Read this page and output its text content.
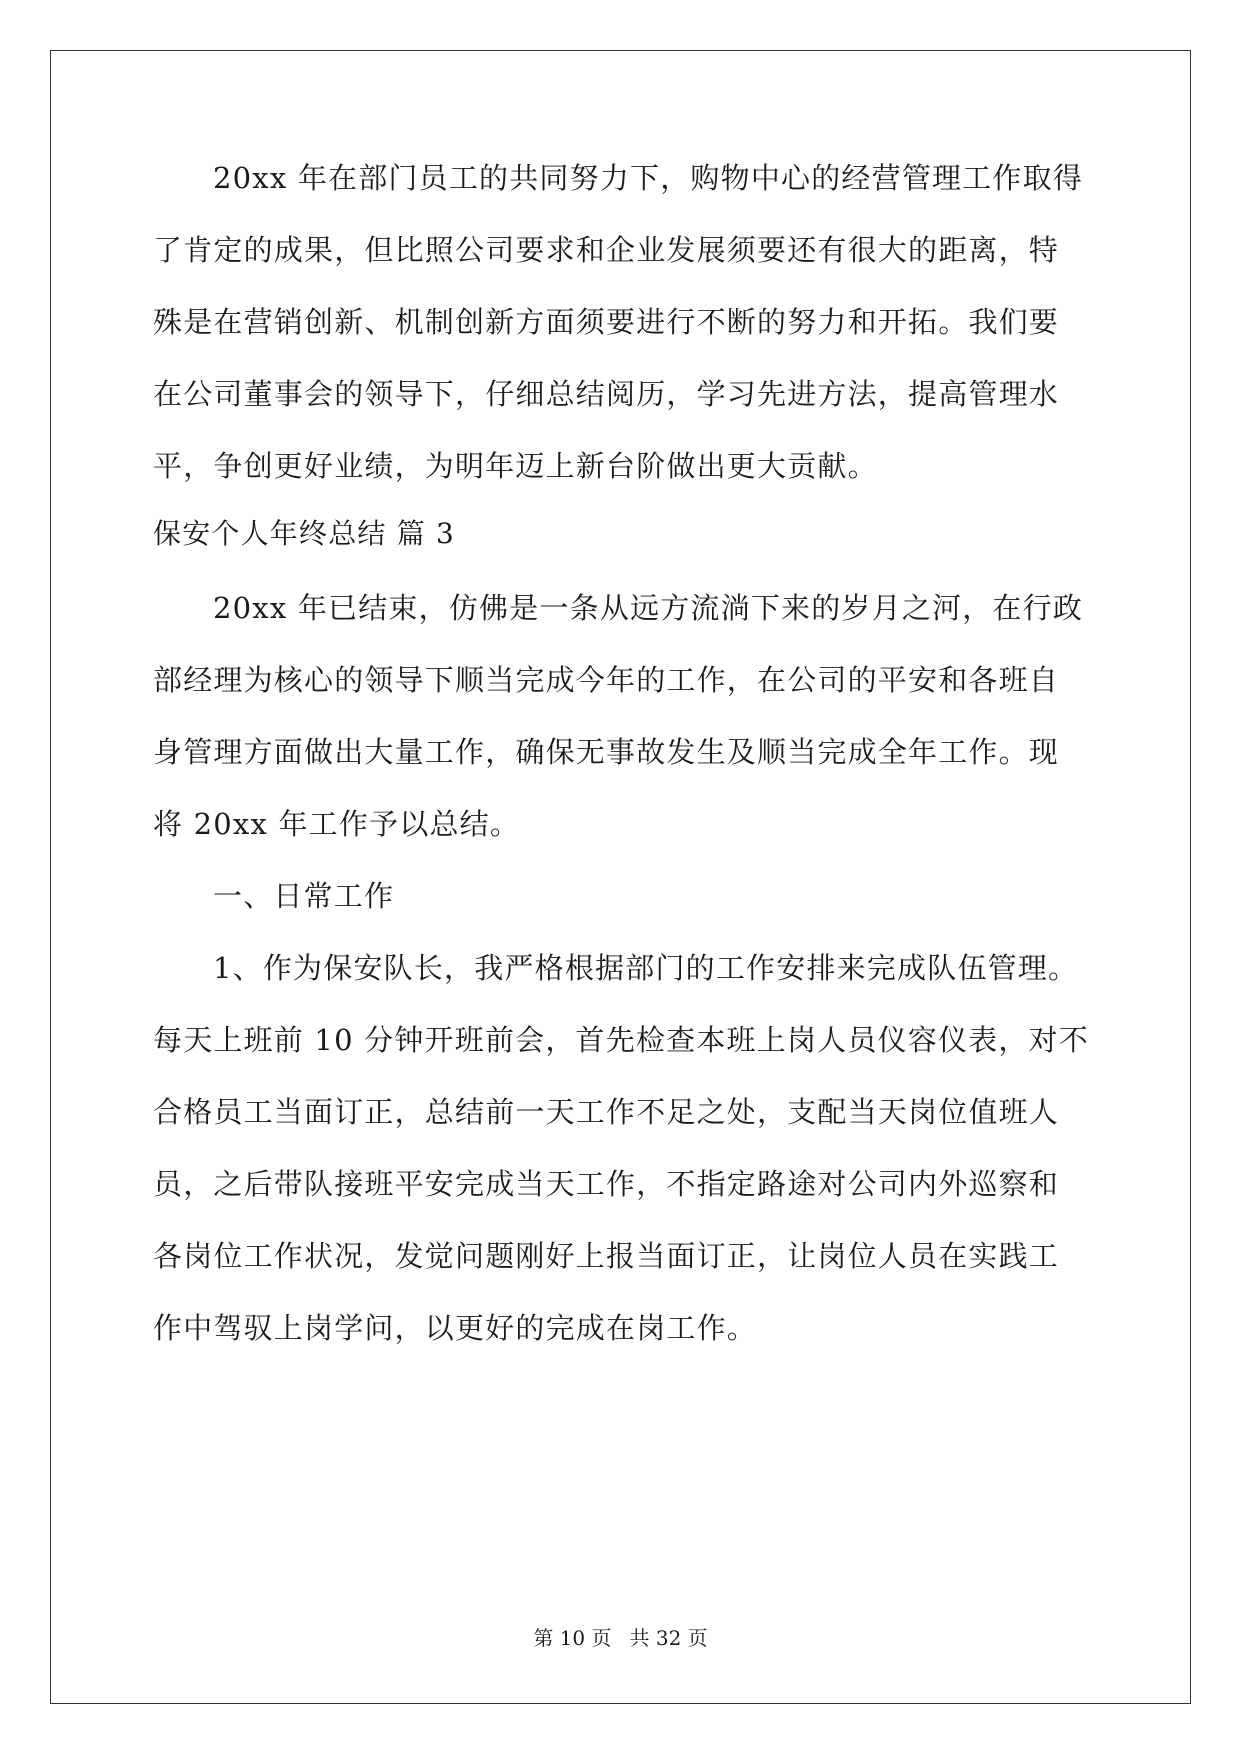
20xx 年在部门员工的共同努力下，购物中心的经营管理工作取得
了肯定的成果，但比照公司要求和企业发展须要还有很大的距离，特
殊是在营销创新、机制创新方面须要进行不断的努力和开拓。我们要
在公司董事会的领导下，仔细总结阅历，学习先进方法，提高管理水
平，争创更好业绩，为明年迈上新台阶做出更大贡献。
保安个人年终总结 篇 3
20xx 年已结束，仿佛是一条从远方流淌下来的岁月之河，在行政
部经理为核心的领导下顺当完成今年的工作，在公司的平安和各班自
身管理方面做出大量工作，确保无事故发生及顺当完成全年工作。现
将 20xx 年工作予以总结。
一、日常工作
1、作为保安队长，我严格根据部门的工作安排来完成队伍管理。
每天上班前 10 分钟开班前会，首先检查本班上岗人员仪容仪表，对不
合格员工当面订正，总结前一天工作不足之处，支配当天岗位值班人
员，之后带队接班平安完成当天工作，不指定路途对公司内外巡察和
各岗位工作状况，发觉问题刚好上报当面订正，让岗位人员在实践工
作中驾驭上岗学问，以更好的完成在岗工作。
第 10 页 共 32 页
